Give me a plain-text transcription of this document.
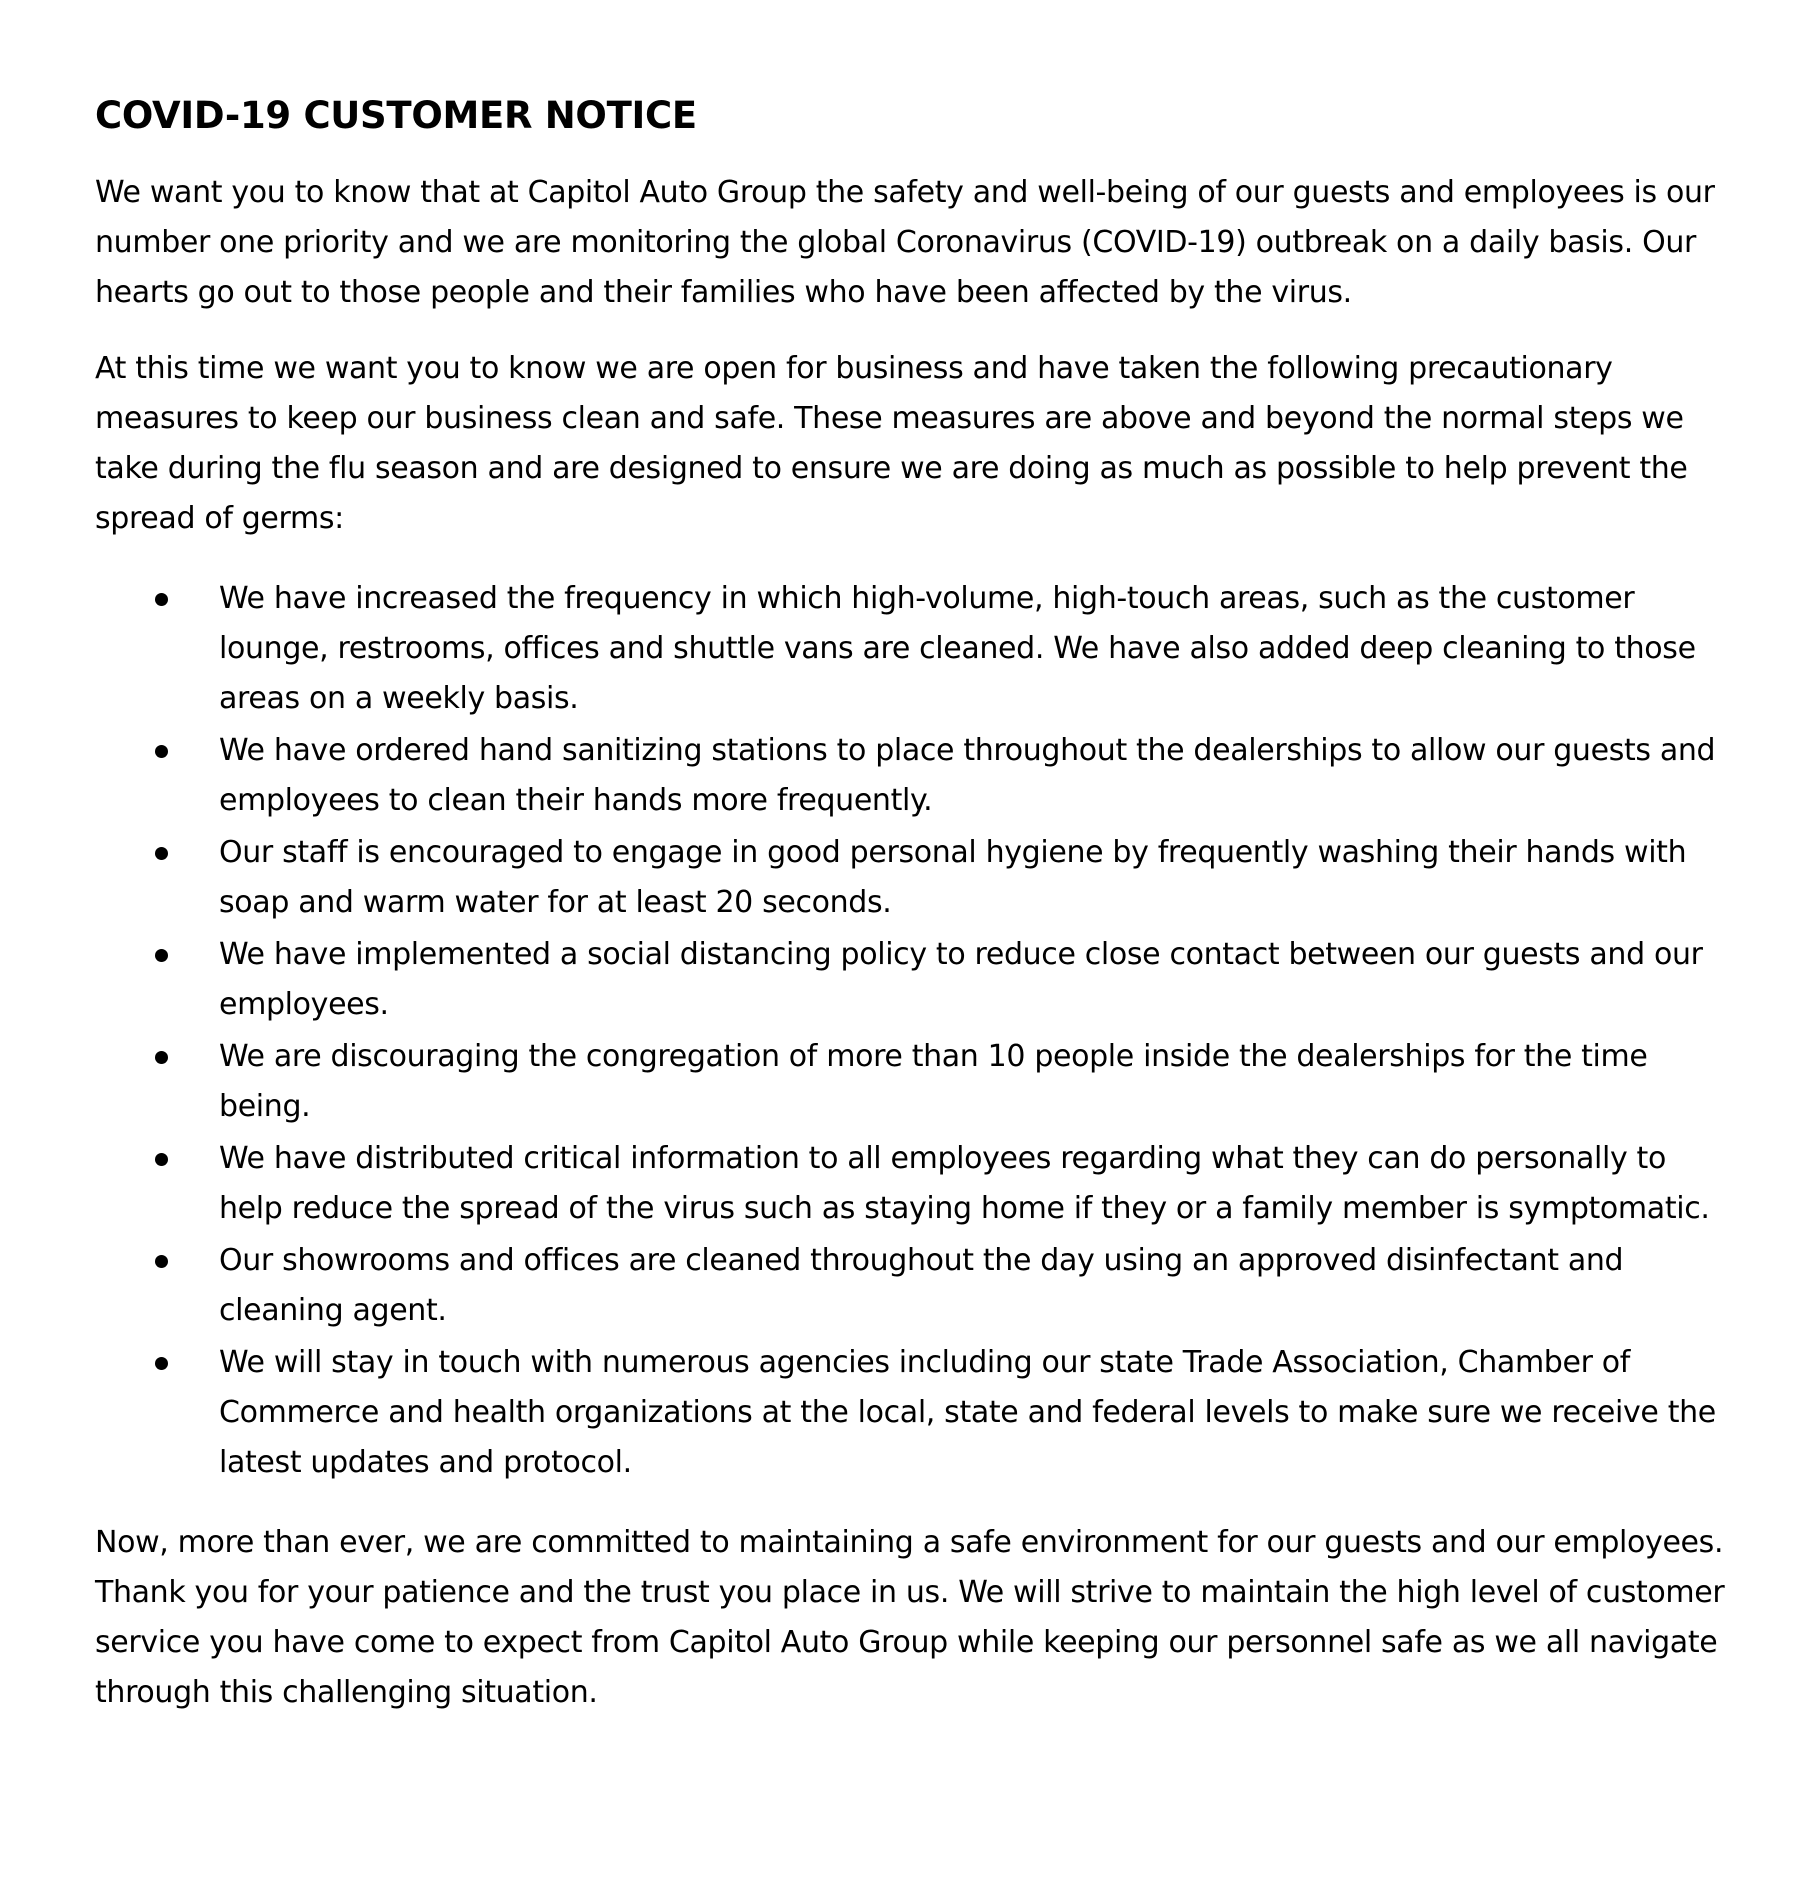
COVID-19 CUSTOMER NOTICE

We want you to know that at Capitol Auto Group the safety and well-being of our guests and employees is our number one priority and we are monitoring the global Coronavirus (COVID-19) outbreak on a daily basis. Our hearts go out to those people and their families who have been affected by the virus.

At this time we want you to know we are open for business and have taken the following precautionary measures to keep our business clean and safe. These measures are above and beyond the normal steps we take during the flu season and are designed to ensure we are doing as much as possible to help prevent the spread of germs:

We have increased the frequency in which high-volume, high-touch areas, such as the customer lounge, restrooms, offices and shuttle vans are cleaned. We have also added deep cleaning to those areas on a weekly basis.
We have ordered hand sanitizing stations to place throughout the dealerships to allow our guests and employees to clean their hands more frequently.
Our staff is encouraged to engage in good personal hygiene by frequently washing their hands with soap and warm water for at least 20 seconds.
We have implemented a social distancing policy to reduce close contact between our guests and our employees.
We are discouraging the congregation of more than 10 people inside the dealerships for the time being.
We have distributed critical information to all employees regarding what they can do personally to help reduce the spread of the virus such as staying home if they or a family member is symptomatic.
Our showrooms and offices are cleaned throughout the day using an approved disinfectant and cleaning agent.
We will stay in touch with numerous agencies including our state Trade Association, Chamber of Commerce and health organizations at the local, state and federal levels to make sure we receive the latest updates and protocol.

Now, more than ever, we are committed to maintaining a safe environment for our guests and our employees. Thank you for your patience and the trust you place in us. We will strive to maintain the high level of customer service you have come to expect from Capitol Auto Group while keeping our personnel safe as we all navigate through this challenging situation.
